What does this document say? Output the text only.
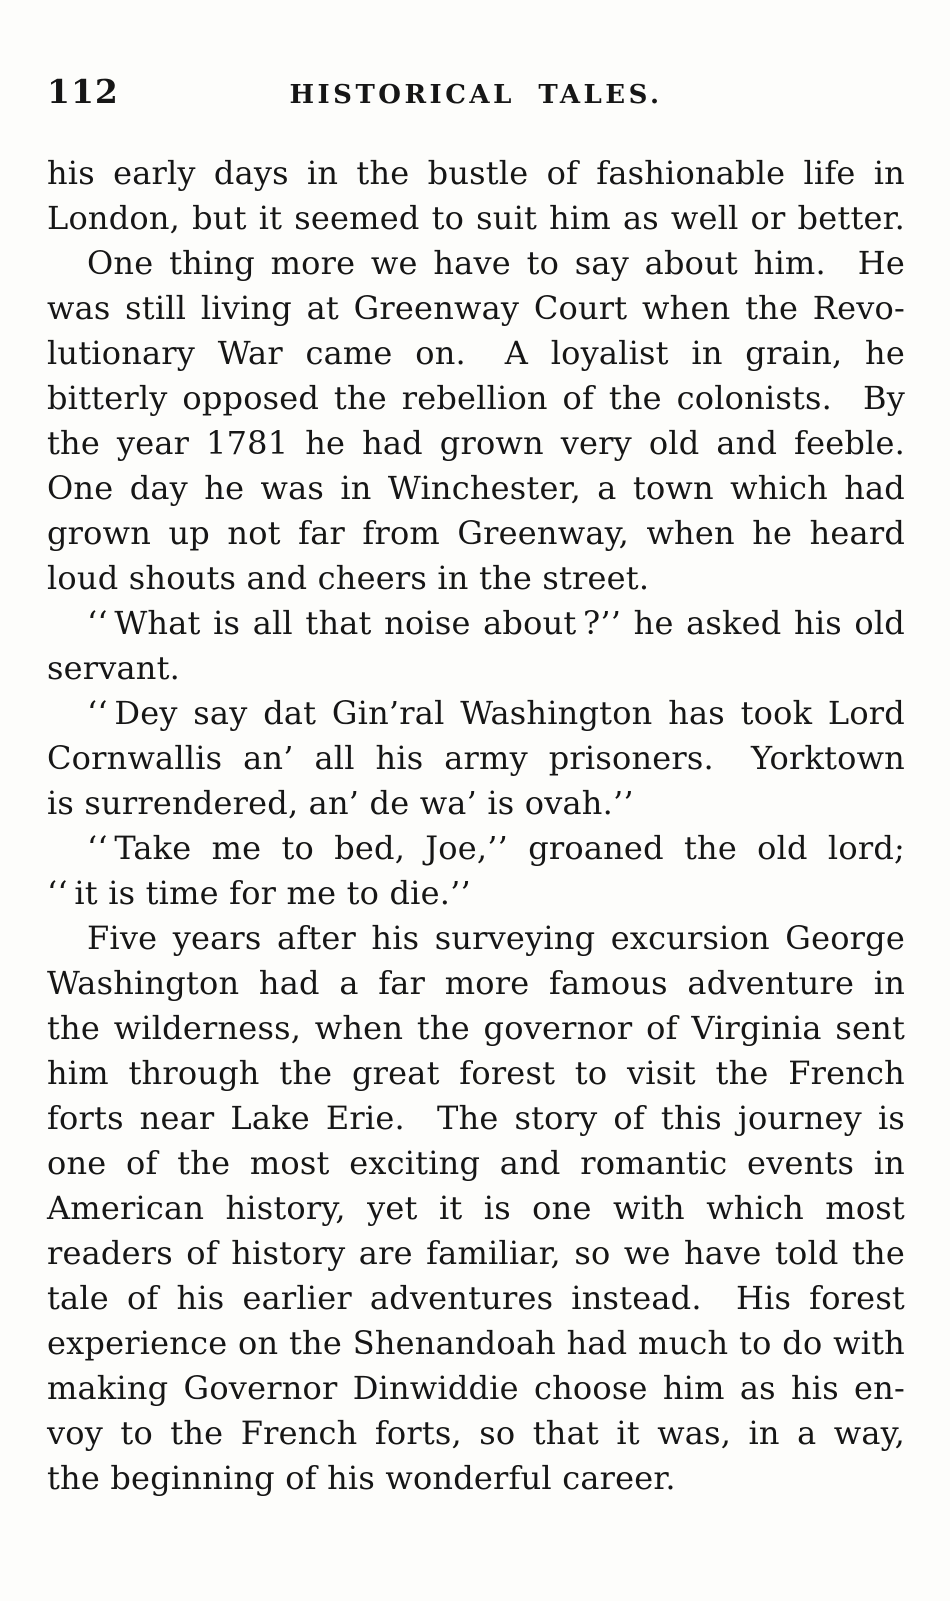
112	HISTORICAL TALES.
his early days in the bustle of fashionable life in
London, but it seemed to suit him as well or better.
One thing more we have to say about him.  He
was still living at Greenway Court when the Revo-
lutionary War came on.  A loyalist in grain, he
bitterly opposed the rebellion of the colonists.  By
the year 1781 he had grown very old and feeble.
One day he was in Winchester, a town which had
grown up not far from Greenway, when he heard
loud shouts and cheers in the street.
‘‘ What is all that noise about ?’’ he asked his old
servant.
‘‘ Dey say dat Gin’ral Washington has took Lord
Cornwallis an’ all his army prisoners.  Yorktown
is surrendered, an’ de wa’ is ovah.’’
‘‘ Take me to bed, Joe,’’ groaned the old lord;
‘‘ it is time for me to die.’’
Five years after his surveying excursion George
Washington had a far more famous adventure in
the wilderness, when the governor of Virginia sent
him through the great forest to visit the French
forts near Lake Erie.  The story of this journey is
one of the most exciting and romantic events in
American history, yet it is one with which most
readers of history are familiar, so we have told the
tale of his earlier adventures instead.  His forest
experience on the Shenandoah had much to do with
making Governor Dinwiddie choose him as his en-
voy to the French forts, so that it was, in a way,
the beginning of his wonderful career.
